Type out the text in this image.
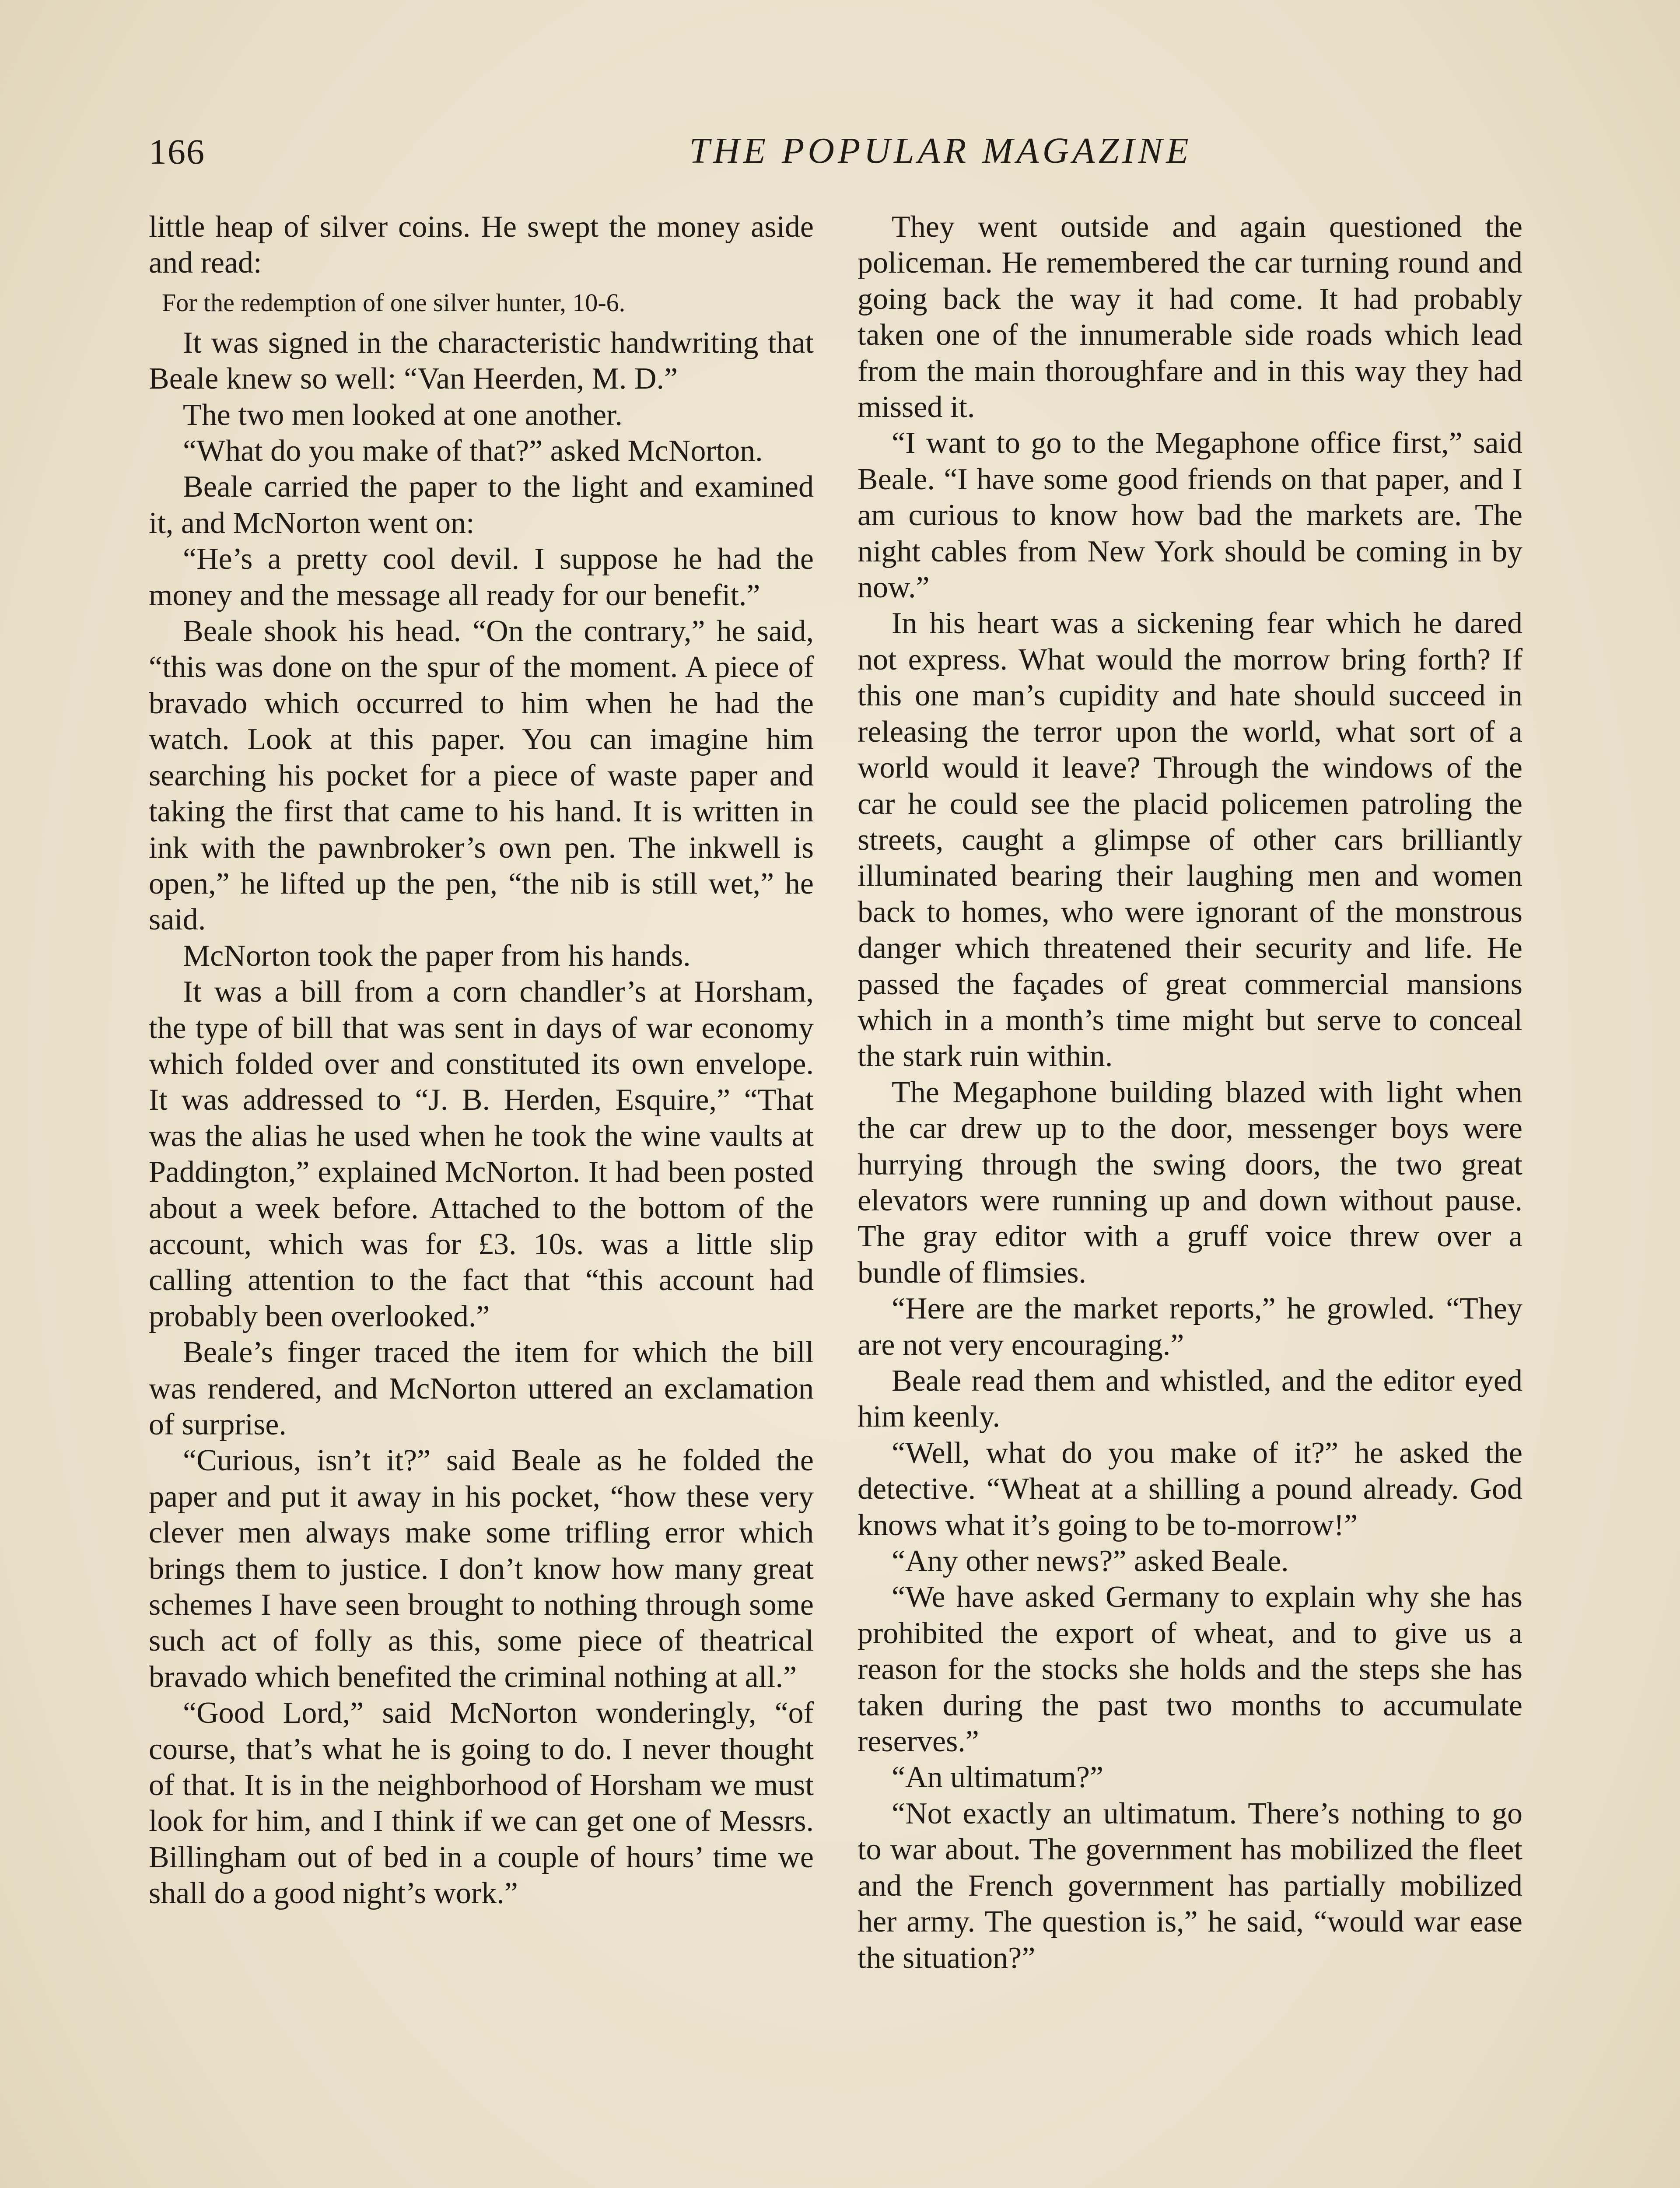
166	THE POPULAR MAGAZINE

little heap of silver coins. He swept the money aside and read:

For the redemption of one silver hunter, 10-6.

It was signed in the characteristic handwriting that Beale knew so well: “Van Heerden, M. D.”

The two men looked at one another.

“What do you make of that?” asked McNorton.

Beale carried the paper to the light and examined it, and McNorton went on:

“He’s a pretty cool devil. I suppose he had the money and the message all ready for our benefit.”

Beale shook his head. “On the contrary,” he said, “this was done on the spur of the moment. A piece of bravado which occurred to him when he had the watch. Look at this paper. You can imagine him searching his pocket for a piece of waste paper and taking the first that came to his hand. It is written in ink with the pawnbroker’s own pen. The inkwell is open,” he lifted up the pen, “the nib is still wet,” he said.

McNorton took the paper from his hands.

It was a bill from a corn chandler’s at Horsham, the type of bill that was sent in days of war economy which folded over and constituted its own envelope. It was addressed to “J. B. Herden, Esquire,” “That was the alias he used when he took the wine vaults at Paddington,” explained McNorton. It had been posted about a week before. Attached to the bottom of the account, which was for £3. 10s. was a little slip calling attention to the fact that “this account had probably been overlooked.”

Beale’s finger traced the item for which the bill was rendered, and McNorton uttered an exclamation of surprise.

“Curious, isn’t it?” said Beale as he folded the paper and put it away in his pocket, “how these very clever men always make some trifling error which brings them to justice. I don’t know how many great schemes I have seen brought to nothing through some such act of folly as this, some piece of theatrical bravado which benefited the criminal nothing at all.”

“Good Lord,” said McNorton wonderingly, “of course, that’s what he is going to do. I never thought of that. It is in the neighborhood of Horsham we must look for him, and I think if we can get one of Messrs. Billingham out of bed in a couple of hours’ time we shall do a good night’s work.”

They went outside and again questioned the policeman. He remembered the car turning round and going back the way it had come. It had probably taken one of the innumerable side roads which lead from the main thoroughfare and in this way they had missed it.

“I want to go to the Megaphone office first,” said Beale. “I have some good friends on that paper, and I am curious to know how bad the markets are. The night cables from New York should be coming in by now.”

In his heart was a sickening fear which he dared not express. What would the morrow bring forth? If this one man’s cupidity and hate should succeed in releasing the terror upon the world, what sort of a world would it leave? Through the windows of the car he could see the placid policemen patroling the streets, caught a glimpse of other cars brilliantly illuminated bearing their laughing men and women back to homes, who were ignorant of the monstrous danger which threatened their security and life. He passed the façades of great commercial mansions which in a month’s time might but serve to conceal the stark ruin within.

The Megaphone building blazed with light when the car drew up to the door, messenger boys were hurrying through the swing doors, the two great elevators were running up and down without pause. The gray editor with a gruff voice threw over a bundle of flimsies.

“Here are the market reports,” he growled. “They are not very encouraging.”

Beale read them and whistled, and the editor eyed him keenly.

“Well, what do you make of it?” he asked the detective. “Wheat at a shilling a pound already. God knows what it’s going to be to-morrow!”

“Any other news?” asked Beale.

“We have asked Germany to explain why she has prohibited the export of wheat, and to give us a reason for the stocks she holds and the steps she has taken during the past two months to accumulate reserves.”

“An ultimatum?”

“Not exactly an ultimatum. There’s nothing to go to war about. The government has mobilized the fleet and the French government has partially mobilized her army. The question is,” he said, “would war ease the situation?”
